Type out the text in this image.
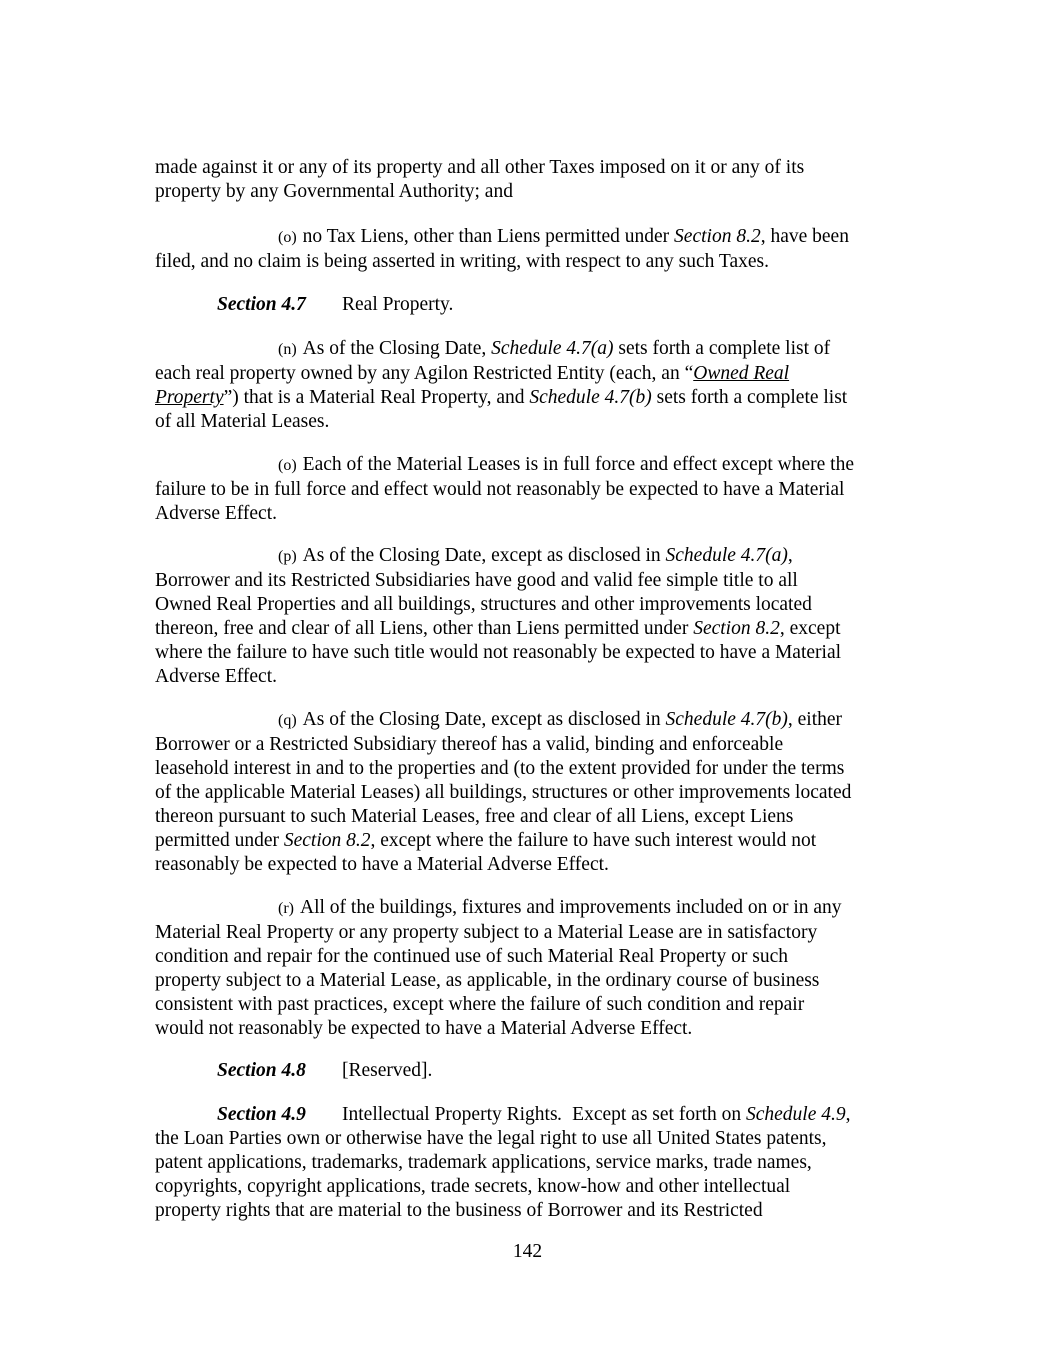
made against it or any of its property and all other Taxes imposed on it or any of its
property by any Governmental Authority; and

(o) no Tax Liens, other than Liens permitted under Section 8.2, have been
filed, and no claim is being asserted in writing, with respect to any such Taxes.

Section 4.7 Real Property.

(n) As of the Closing Date, Schedule 4.7(a) sets forth a complete list of
each real property owned by any Agilon Restricted Entity (each, an “Owned Real
Property”) that is a Material Real Property, and Schedule 4.7(b) sets forth a complete list
of all Material Leases.

(o) Each of the Material Leases is in full force and effect except where the
failure to be in full force and effect would not reasonably be expected to have a Material
Adverse Effect.

(p) As of the Closing Date, except as disclosed in Schedule 4.7(a),
Borrower and its Restricted Subsidiaries have good and valid fee simple title to all
Owned Real Properties and all buildings, structures and other improvements located
thereon, free and clear of all Liens, other than Liens permitted under Section 8.2, except
where the failure to have such title would not reasonably be expected to have a Material
Adverse Effect.

(q) As of the Closing Date, except as disclosed in Schedule 4.7(b), either
Borrower or a Restricted Subsidiary thereof has a valid, binding and enforceable
leasehold interest in and to the properties and (to the extent provided for under the terms
of the applicable Material Leases) all buildings, structures or other improvements located
thereon pursuant to such Material Leases, free and clear of all Liens, except Liens
permitted under Section 8.2, except where the failure to have such interest would not
reasonably be expected to have a Material Adverse Effect.

(r) All of the buildings, fixtures and improvements included on or in any
Material Real Property or any property subject to a Material Lease are in satisfactory
condition and repair for the continued use of such Material Real Property or such
property subject to a Material Lease, as applicable, in the ordinary course of business
consistent with past practices, except where the failure of such condition and repair
would not reasonably be expected to have a Material Adverse Effect.

Section 4.8 [Reserved].

Section 4.9 Intellectual Property Rights.  Except as set forth on Schedule 4.9,
the Loan Parties own or otherwise have the legal right to use all United States patents,
patent applications, trademarks, trademark applications, service marks, trade names,
copyrights, copyright applications, trade secrets, know-how and other intellectual
property rights that are material to the business of Borrower and its Restricted

142
